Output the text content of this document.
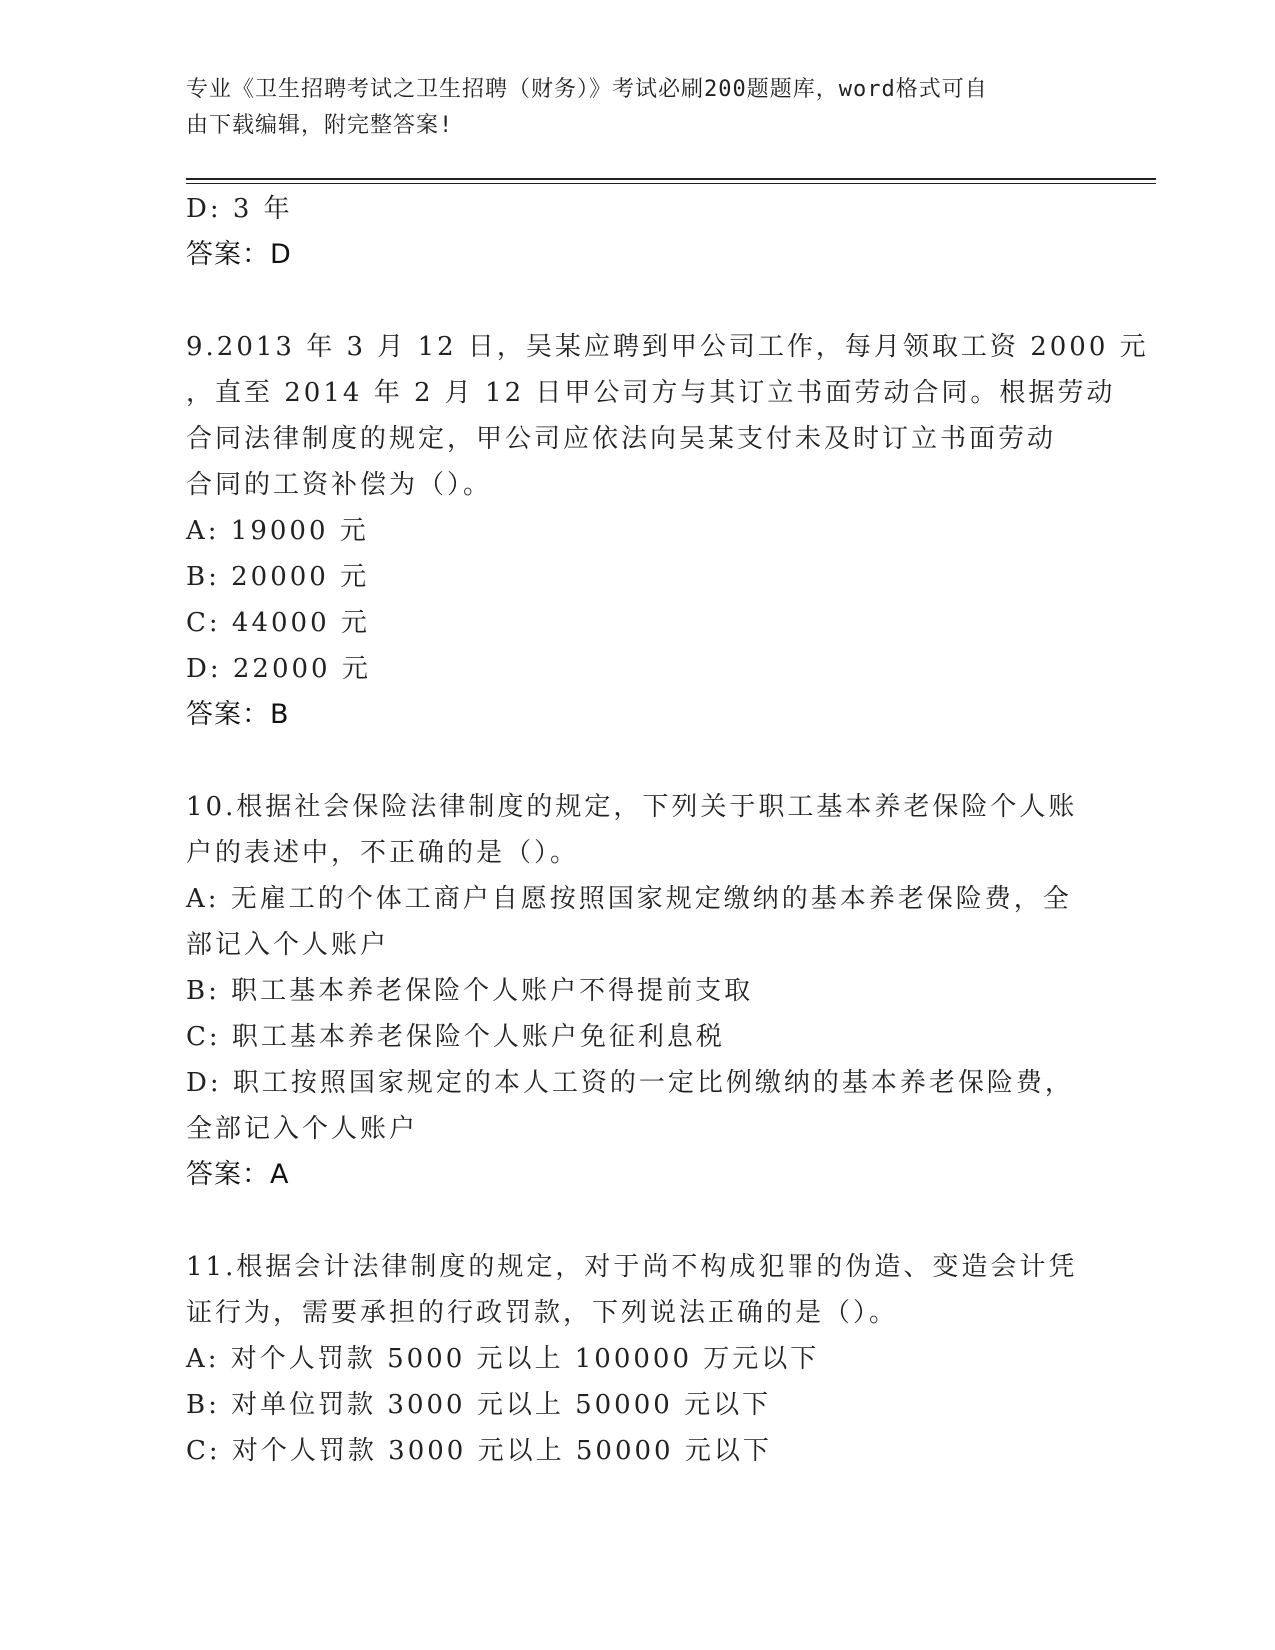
专业《卫生招聘考试之卫生招聘（财务）》考试必刷200题题库，word格式可自
由下载编辑，附完整答案!
D: 3 年
答案：D
9.2013 年 3 月 12 日，吴某应聘到甲公司工作，每月领取工资 2000 元
，直至 2014 年 2 月 12 日甲公司方与其订立书面劳动合同。根据劳动
合同法律制度的规定，甲公司应依法向吴某支付未及时订立书面劳动
合同的工资补偿为（）。
A: 19000 元
B: 20000 元
C: 44000 元
D: 22000 元
答案：B
10.根据社会保险法律制度的规定，下列关于职工基本养老保险个人账
户的表述中，不正确的是（）。
A: 无雇工的个体工商户自愿按照国家规定缴纳的基本养老保险费，全
部记入个人账户
B: 职工基本养老保险个人账户不得提前支取
C: 职工基本养老保险个人账户免征利息税
D: 职工按照国家规定的本人工资的一定比例缴纳的基本养老保险费，
全部记入个人账户
答案：A
11.根据会计法律制度的规定，对于尚不构成犯罪的伪造、变造会计凭
证行为，需要承担的行政罚款，下列说法正确的是（）。
A: 对个人罚款 5000 元以上 100000 万元以下
B: 对单位罚款 3000 元以上 50000 元以下
C: 对个人罚款 3000 元以上 50000 元以下
